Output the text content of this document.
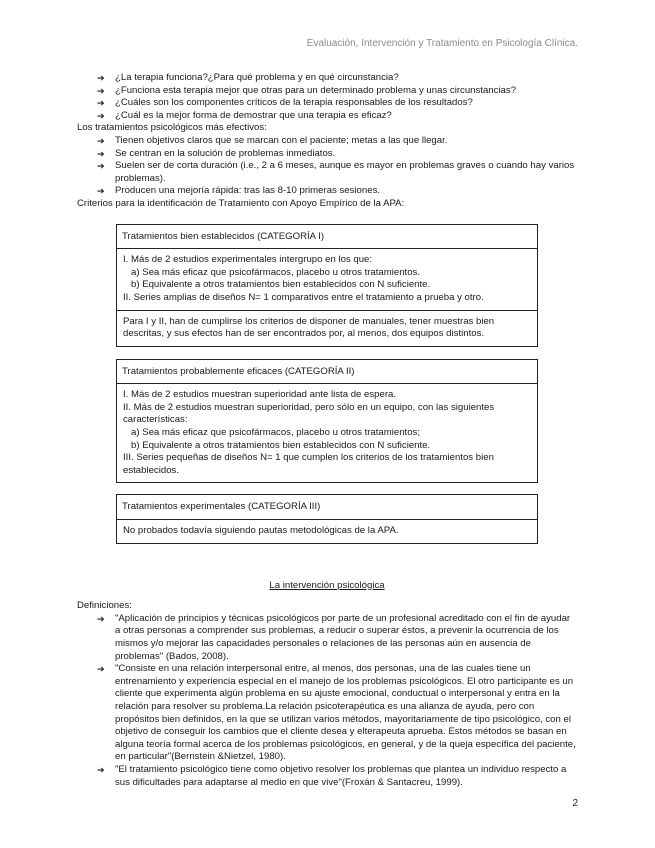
Evaluación, Intervención y Tratamiento en Psicología Clínica.
➔	¿La terapia funciona?¿Para qué problema y en qué circunstancia?
➔	¿Funciona esta terapia mejor que otras para un determinado problema y unas circunstancias?
➔	¿Cuáles son los componentes críticos de la terapia responsables de los resultados?
➔	¿Cuál es la mejor forma de demostrar que una terapia es eficaz?

Los tratamientos psicológicos más efectivos:

➔	Tienen objetivos claros que se marcan con el paciente; metas a las que llegar.
➔	Se centran en la solución de problemas inmediatos.
➔	Suelen ser de corta duración (i.e., 2 a 6 meses, aunque es mayor en problemas graves o cuando hay varios problemas).
➔	Producen una mejoría rápida: tras las 8-10 primeras sesiones.

Criterios para la identificación de Tratamiento con Apoyo Empírico de la APA:

Tratamientos bien establecidos (CATEGORÍA I)
I. Más de 2 estudios experimentales intergrupo en los que:
a) Sea más eficaz que psicofármacos, placebo u otros tratamientos.
b) Equivalente a otros tratamientos bien establecidos con N suficiente.
II. Series amplias de diseños N= 1 comparativos entre el tratamiento a prueba y otro.
Para I y II, han de cumplirse los criterios de disponer de manuales, tener muestras bien descritas, y sus efectos han de ser encontrados por, al menos, dos equipos distintos.
Tratamientos probablemente eficaces (CATEGORÍA II)
I. Más de 2 estudios muestran superioridad ante lista de espera.
II. Más de 2 estudios muestran superioridad, pero sólo en un equipo, con las siguientes características:
a) Sea más eficaz que psicofármacos, placebo u otros tratamientos;
b) Equivalente a otros tratamientos bien establecidos con N suficiente.
III. Series pequeñas de diseños N= 1 que cumplen los criterios de los tratamientos bien establecidos.
Tratamientos experimentales (CATEGORÍA III)
No probados todavía siguiendo pautas metodológicas de la APA.
La intervención psicológica

Definiciones:

➔	"Aplicación de principios y técnicas psicológicos por parte de un profesional acreditado con el fin de ayudar a otras personas a comprender sus problemas, a reducir o superar éstos, a prevenir la ocurrencia de los mismos y/o mejorar las capacidades personales o relaciones de las personas aún en ausencia de problemas" (Bados, 2008).
➔	"Consiste en una relación interpersonal entre, al menos, dos personas, una de las cuales tiene un entrenamiento y experiencia especial en el manejo de los problemas psicológicos. El otro participante es un cliente que experimenta algún problema en su ajuste emocional, conductual o interpersonal y entra en la relación para resolver su problema.La relación psicoterapéutica es una alianza de ayuda, pero con propósitos bien definidos, en la que se utilizan varios métodos, mayoritariamente de tipo psicológico, con el objetivo de conseguir los cambios que el cliente desea y elterapeuta aprueba. Estos métodos se basan en alguna teoría formal acerca de los problemas psicológicos, en general, y de la queja específica del paciente, en particular"(Bernstein &Nietzel, 1980).
➔	"El tratamiento psicológico tiene como objetivo resolver los problemas que plantea un individuo respecto a sus dificultades para adaptarse al medio en que vive"(Froxán & Santacreu, 1999).
2
